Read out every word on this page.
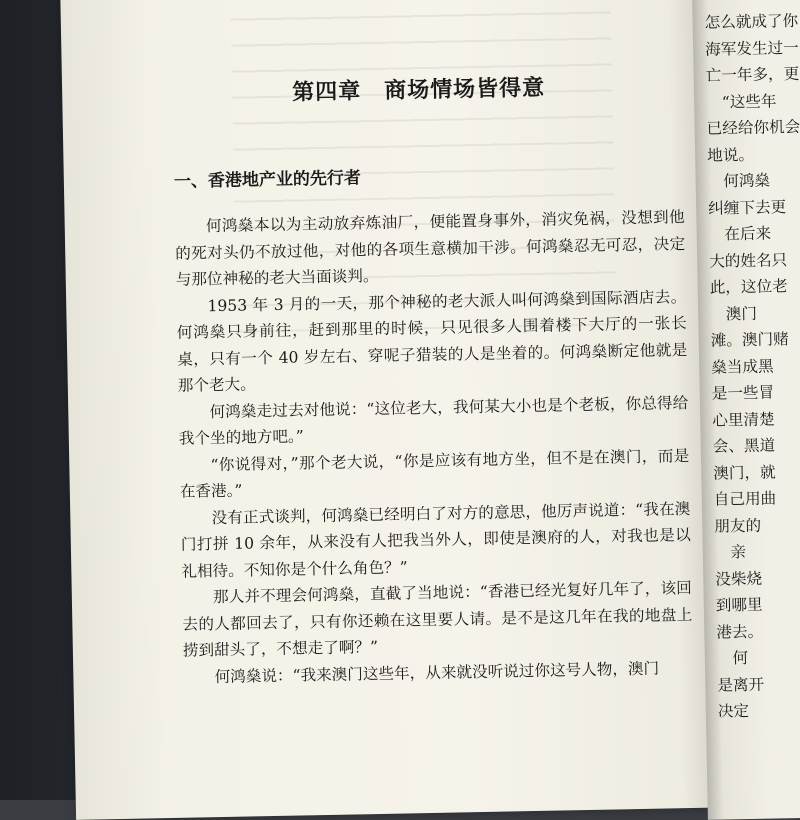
第四章　商场情场皆得意
一、香港地产业的先行者

何鸿燊本以为主动放弃炼油厂，便能置身事外，消灾免祸，没想到他的死对头仍不放过他，对他的各项生意横加干涉。何鸿燊忍无可忍，决定与那位神秘的老大当面谈判。

1953 年 3 月的一天，那个神秘的老大派人叫何鸿燊到国际酒店去。何鸿燊只身前往，赶到那里的时候，只见很多人围着楼下大厅的一张长桌，只有一个 40 岁左右、穿呢子猎装的人是坐着的。何鸿燊断定他就是那个老大。

何鸿燊走过去对他说：“这位老大，我何某大小也是个老板，你总得给我个坐的地方吧。”

“你说得对，”那个老大说，“你是应该有地方坐，但不是在澳门，而是在香港。”

没有正式谈判，何鸿燊已经明白了对方的意思，他厉声说道：“我在澳门打拼 10 余年，从来没有人把我当外人，即使是澳府的人，对我也是以礼相待。不知你是个什么角色？”

那人并不理会何鸿燊，直截了当地说：“香港已经光复好几年了，该回去的人都回去了，只有你还赖在这里要人请。是不是这几年在我的地盘上捞到甜头了，不想走了啊？”

何鸿燊说：“我来澳门这些年，从来就没听说过你这号人物，澳门

怎么就成了你
海军发生过一
亡一年多，更
“这些年
已经给你机会
地说。
何鸿燊
纠缠下去更
在后来
大的姓名只
此，这位老
澳门
滩。澳门赌
燊当成黑
是一些冒
心里清楚
会、黑道
澳门，就
自己用曲
朋友的
亲
没柴烧
到哪里
港去。
何
是离开
决定
